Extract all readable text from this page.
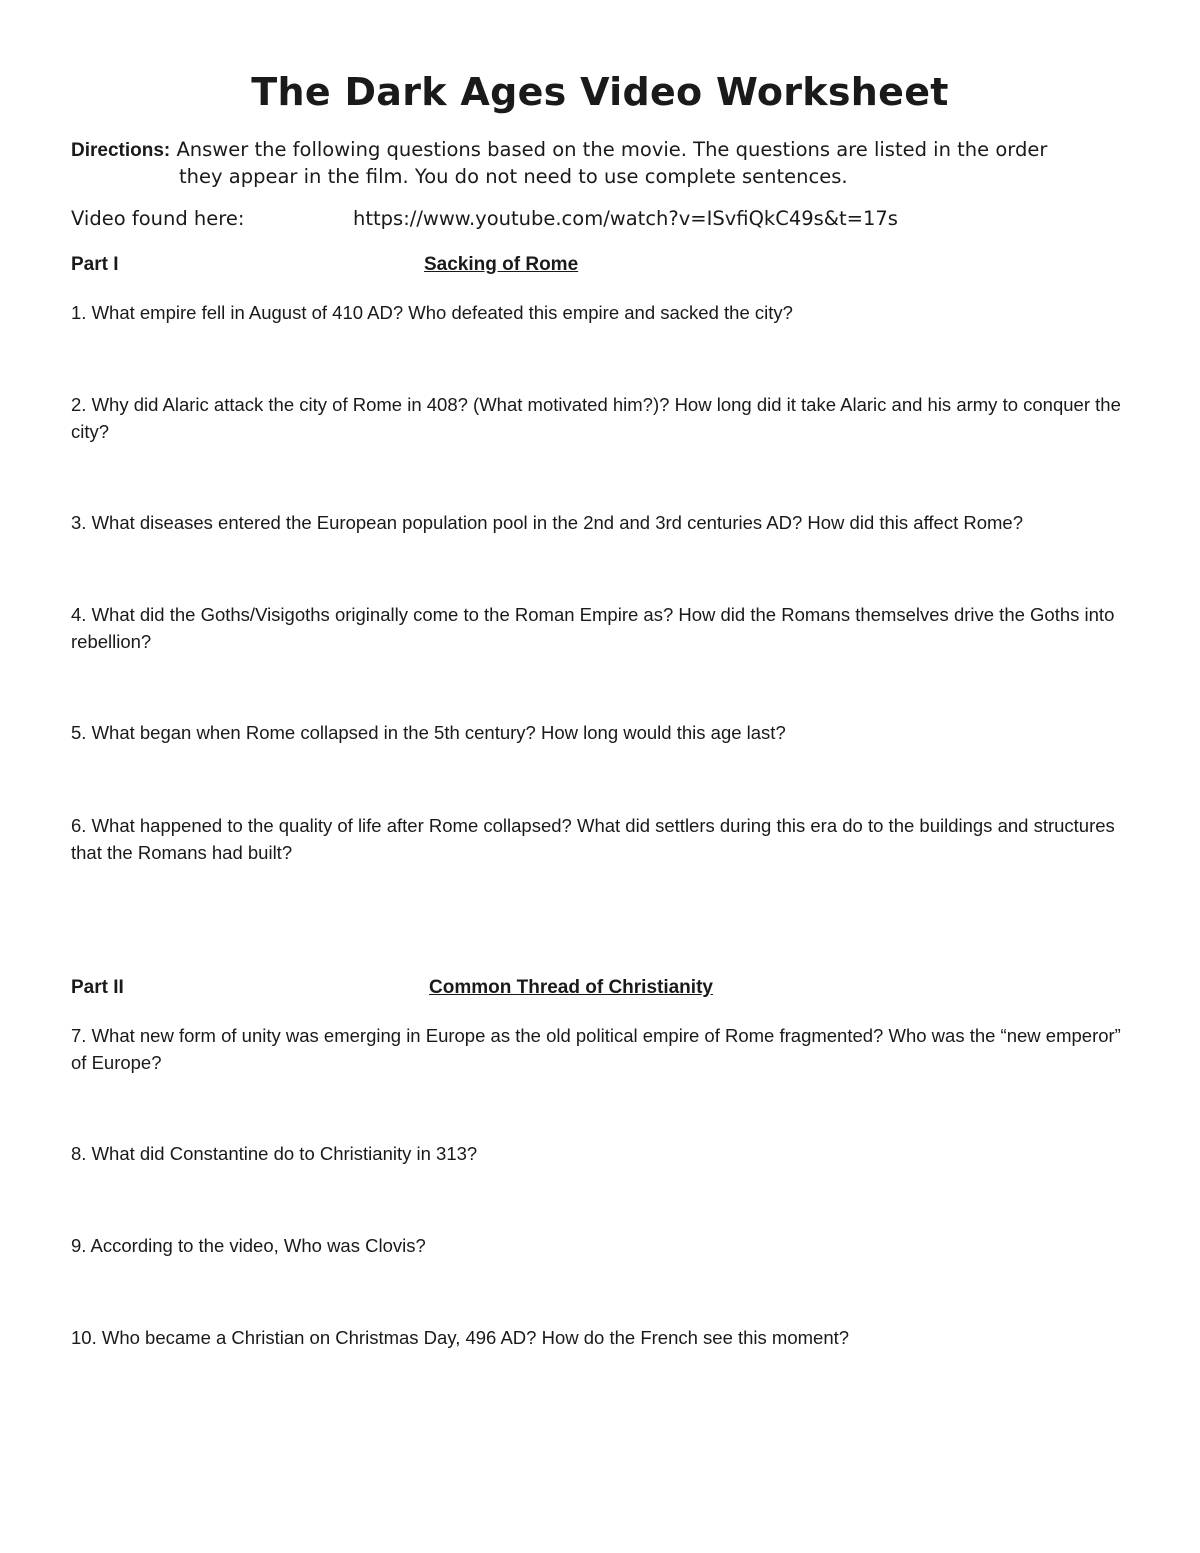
The Dark Ages Video Worksheet
Directions: Answer the following questions based on the movie. The questions are listed in the orderthey appear in the film. You do not need to use complete sentences.
Video found here:	https://www.youtube.com/watch?v=ISvfiQkC49s&t=17s
Part I	Sacking of Rome
1. What empire fell in August of 410 AD? Who defeated this empire and sacked the city?
2. Why did Alaric attack the city of Rome in 408? (What motivated him?)? How long did it take Alaric and his army to conquer the city?
3. What diseases entered the European population pool in the 2nd and 3rd centuries AD? How did this affect Rome?
4. What did the Goths/Visigoths originally come to the Roman Empire as? How did the Romans themselves drive the Goths into rebellion?
5. What began when Rome collapsed in the 5th century? How long would this age last?
6. What happened to the quality of life after Rome collapsed? What did settlers during this era do to the buildings and structures that the Romans had built?
Part II	Common Thread of Christianity
7. What new form of unity was emerging in Europe as the old political empire of Rome fragmented? Who was the “new emperor” of Europe?
8. What did Constantine do to Christianity in 313?
9. According to the video, Who was Clovis?
10. Who became a Christian on Christmas Day, 496 AD? How do the French see this moment?
